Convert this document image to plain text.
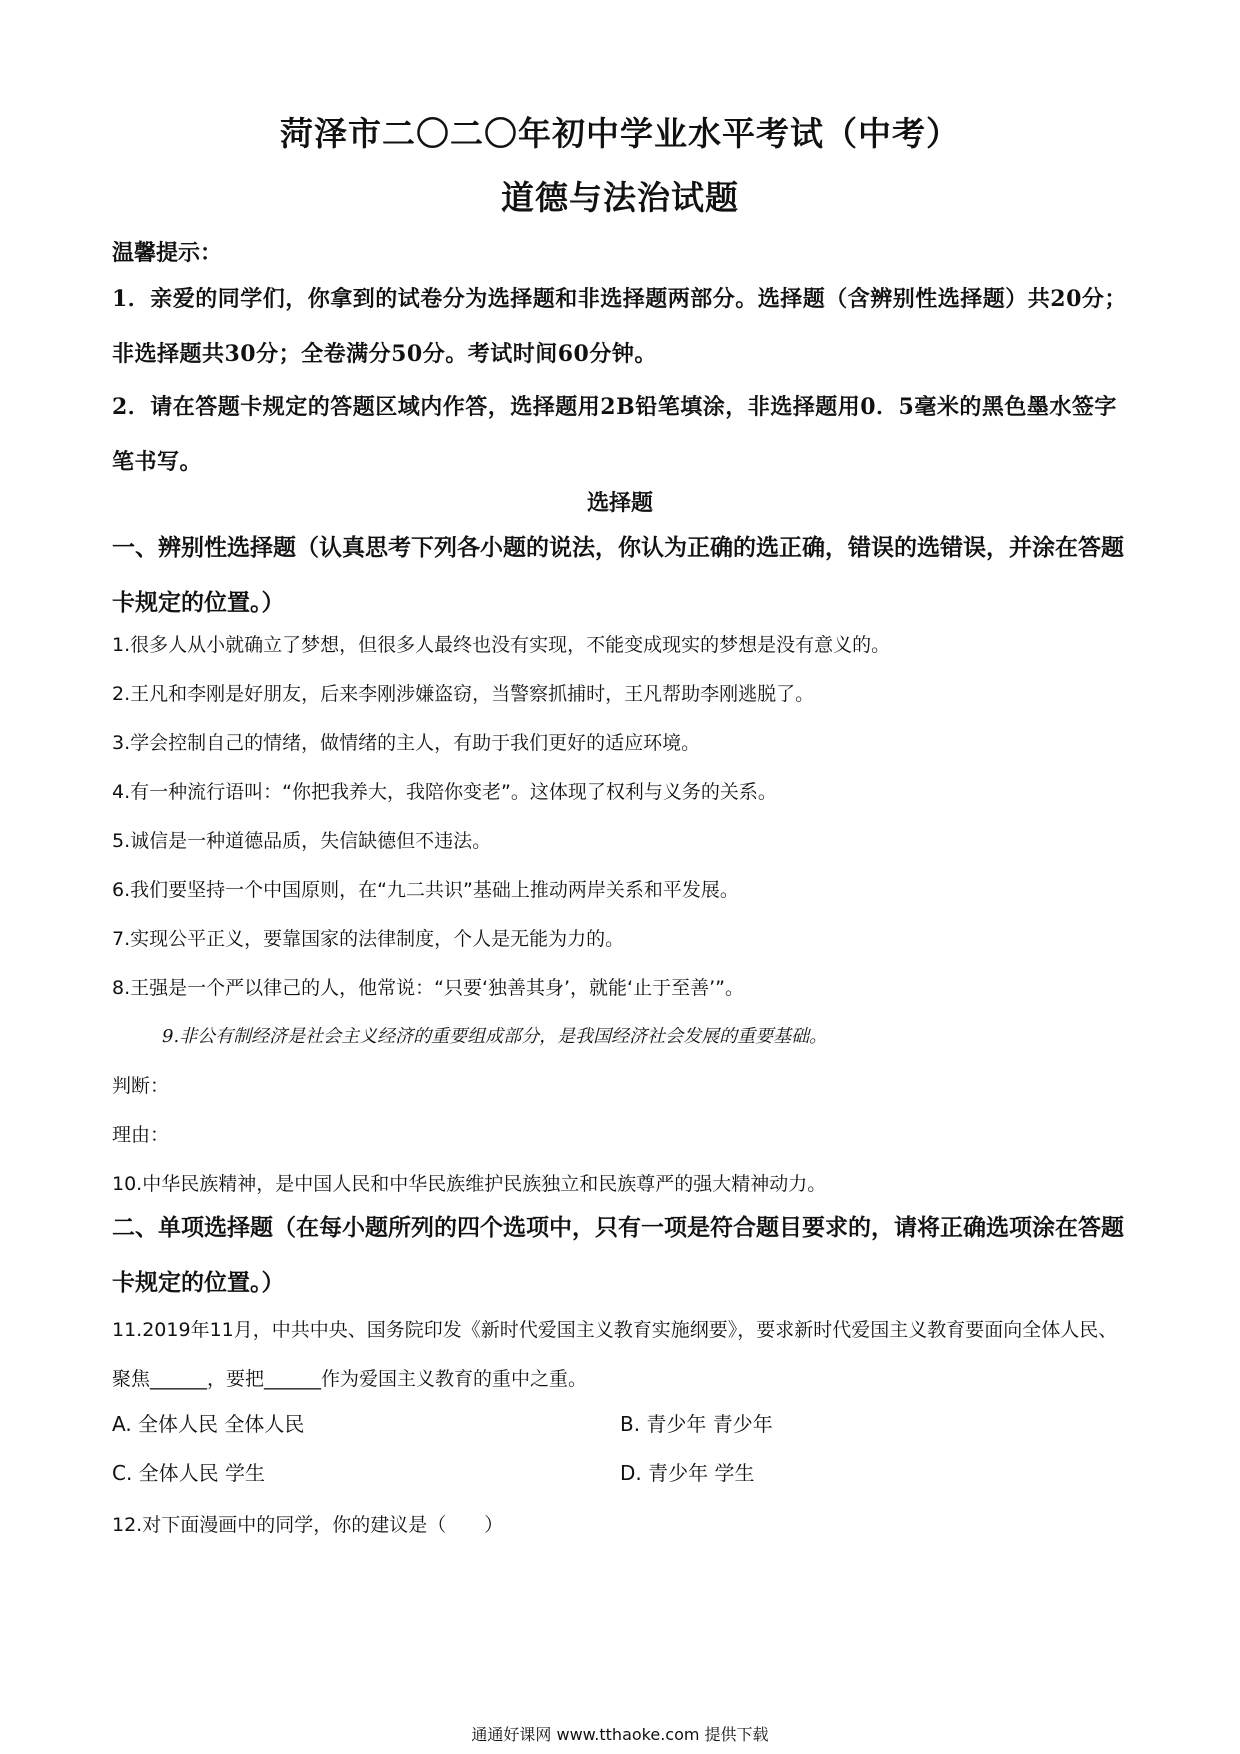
菏泽市二〇二〇年初中学业水平考试（中考）
道德与法治试题
温馨提示：
1．亲爱的同学们，你拿到的试卷分为选择题和非选择题两部分。选择题（含辨别性选择题）共20分；非选择题共30分；全卷满分50分。考试时间60分钟。
2．请在答题卡规定的答题区域内作答，选择题用2B铅笔填涂，非选择题用0．5毫米的黑色墨水签字笔书写。
选择题
一、辨别性选择题（认真思考下列各小题的说法，你认为正确的选正确，错误的选错误，并涂在答题卡规定的位置。）
1.很多人从小就确立了梦想，但很多人最终也没有实现，不能变成现实的梦想是没有意义的。
2.王凡和李刚是好朋友，后来李刚涉嫌盗窃，当警察抓捕时，王凡帮助李刚逃脱了。
3.学会控制自己的情绪，做情绪的主人，有助于我们更好的适应环境。
4.有一种流行语叫：“你把我养大，我陪你变老”。这体现了权利与义务的关系。
5.诚信是一种道德品质，失信缺德但不违法。
6.我们要坚持一个中国原则，在“九二共识”基础上推动两岸关系和平发展。
7.实现公平正义，要靠国家的法律制度，个人是无能为力的。
8.王强是一个严以律己的人，他常说：“只要‘独善其身’，就能‘止于至善’”。
9.非公有制经济是社会主义经济的重要组成部分，是我国经济社会发展的重要基础。
判断：
理由：
10.中华民族精神，是中国人民和中华民族维护民族独立和民族尊严的强大精神动力。
二、单项选择题（在每小题所列的四个选项中，只有一项是符合题目要求的，请将正确选项涂在答题卡规定的位置。）
11.2019年11月，中共中央、国务院印发《新时代爱国主义教育实施纲要》，要求新时代爱国主义教育要面向全体人民、聚焦______，要把______作为爱国主义教育的重中之重。
A. 全体人民 全体人民	B. 青少年 青少年
C. 全体人民 学生	D. 青少年 学生
12.对下面漫画中的同学，你的建议是（　　）
通通好课网 www.tthaoke.com 提供下载
